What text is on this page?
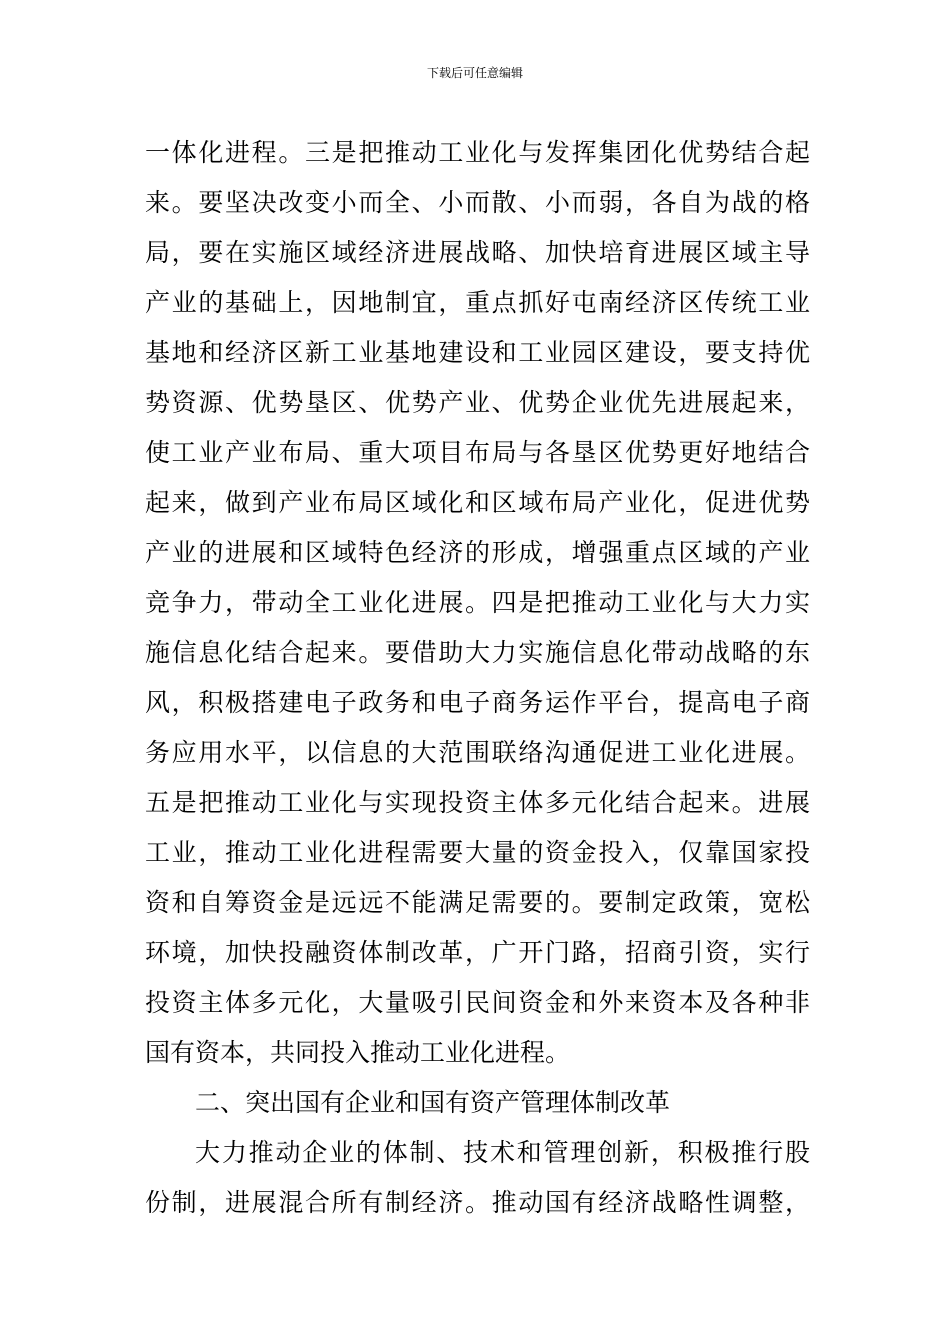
下载后可任意编辑
一体化进程。三是把推动工业化与发挥集团化优势结合起
来。要坚决改变小而全、小而散、小而弱，各自为战的格
局，要在实施区域经济进展战略、加快培育进展区域主导
产业的基础上，因地制宜，重点抓好屯南经济区传统工业
基地和经济区新工业基地建设和工业园区建设，要支持优
势资源、优势垦区、优势产业、优势企业优先进展起来，
使工业产业布局、重大项目布局与各垦区优势更好地结合
起来，做到产业布局区域化和区域布局产业化，促进优势
产业的进展和区域特色经济的形成，增强重点区域的产业
竞争力，带动全工业化进展。四是把推动工业化与大力实
施信息化结合起来。要借助大力实施信息化带动战略的东
风，积极搭建电子政务和电子商务运作平台，提高电子商
务应用水平，以信息的大范围联络沟通促进工业化进展。
五是把推动工业化与实现投资主体多元化结合起来。进展
工业，推动工业化进程需要大量的资金投入，仅靠国家投
资和自筹资金是远远不能满足需要的。要制定政策，宽松
环境，加快投融资体制改革，广开门路，招商引资，实行
投资主体多元化，大量吸引民间资金和外来资本及各种非
国有资本，共同投入推动工业化进程。
二、突出国有企业和国有资产管理体制改革
大力推动企业的体制、技术和管理创新，积极推行股
份制，进展混合所有制经济。推动国有经济战略性调整，
